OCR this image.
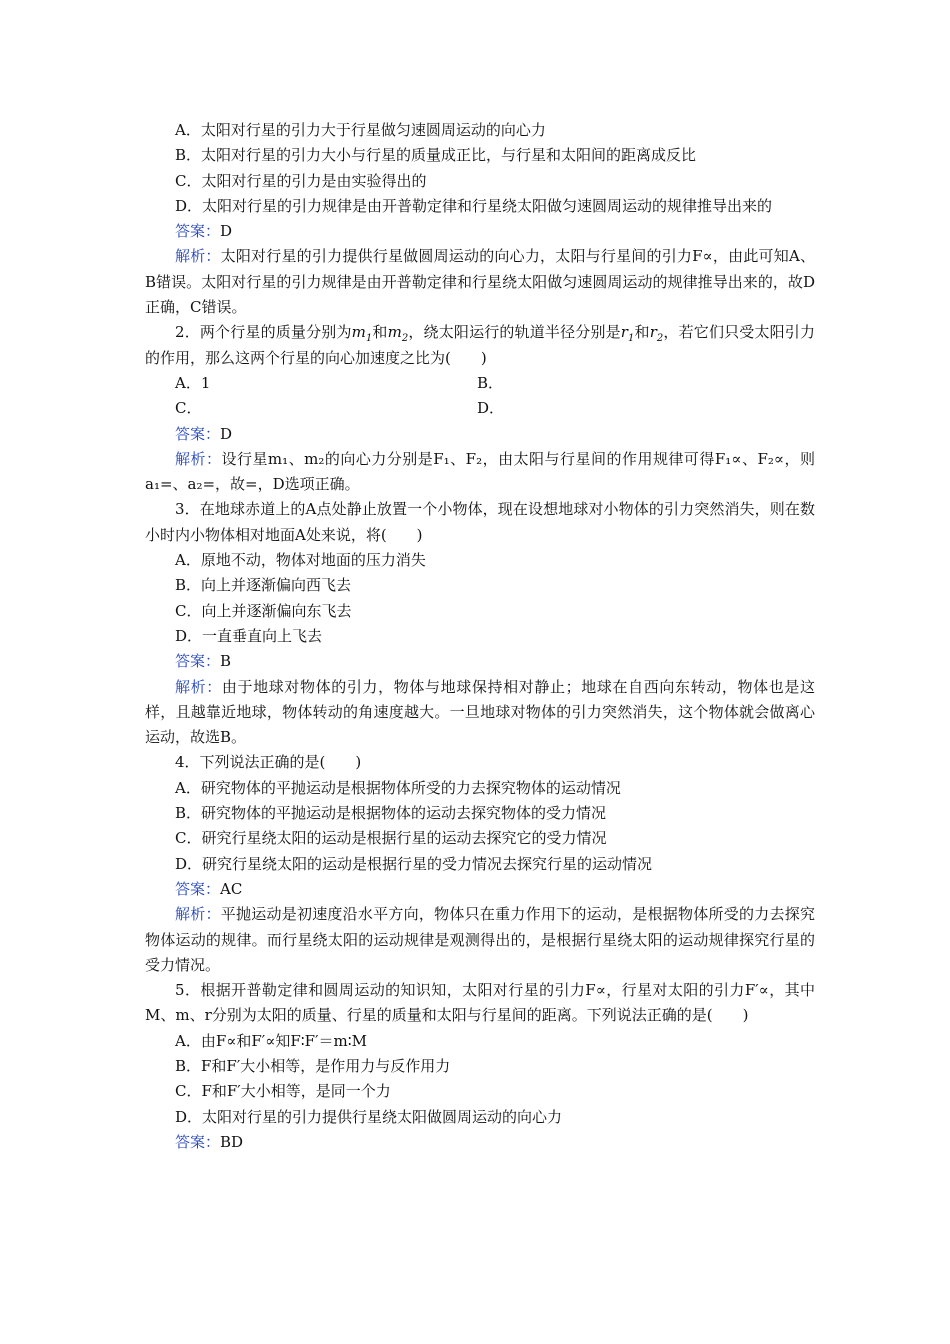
A．太阳对行星的引力大于行星做匀速圆周运动的向心力

B．太阳对行星的引力大小与行星的质量成正比，与行星和太阳间的距离成反比

C．太阳对行星的引力是由实验得出的

D．太阳对行星的引力规律是由开普勒定律和行星绕太阳做匀速圆周运动的规律推导出来的

答案：D

解析：太阳对行星的引力提供行星做圆周运动的向心力，太阳与行星间的引力F∝，由此可知A、B错误。太阳对行星的引力规律是由开普勒定律和行星绕太阳做匀速圆周运动的规律推导出来的，故D正确，C错误。

2．两个行星的质量分别为$m_1$和$m_2$，绕太阳运行的轨道半径分别是$r_1$和$r_2$，若它们只受太阳引力的作用，那么这两个行星的向心加速度之比为(　　)

A．1	B．
C．	D．

答案：D

解析：设行星m₁、m₂的向心力分别是F₁、F₂，由太阳与行星间的作用规律可得F₁∝、F₂∝，则a₁=、a₂=，故=，D选项正确。

3．在地球赤道上的A点处静止放置一个小物体，现在设想地球对小物体的引力突然消失，则在数小时内小物体相对地面A处来说，将(　　)

A．原地不动，物体对地面的压力消失

B．向上并逐渐偏向西飞去

C．向上并逐渐偏向东飞去

D．一直垂直向上飞去

答案：B

解析：由于地球对物体的引力，物体与地球保持相对静止；地球在自西向东转动，物体也是这样，且越靠近地球，物体转动的角速度越大。一旦地球对物体的引力突然消失，这个物体就会做离心运动，故选B。

4．下列说法正确的是(　　)

A．研究物体的平抛运动是根据物体所受的力去探究物体的运动情况

B．研究物体的平抛运动是根据物体的运动去探究物体的受力情况

C．研究行星绕太阳的运动是根据行星的运动去探究它的受力情况

D．研究行星绕太阳的运动是根据行星的受力情况去探究行星的运动情况

答案：AC

解析：平抛运动是初速度沿水平方向，物体只在重力作用下的运动，是根据物体所受的力去探究物体运动的规律。而行星绕太阳的运动规律是观测得出的，是根据行星绕太阳的运动规律探究行星的受力情况。

5．根据开普勒定律和圆周运动的知识知，太阳对行星的引力F∝，行星对太阳的引力F′∝，其中M、m、r分别为太阳的质量、行星的质量和太阳与行星间的距离。下列说法正确的是(　　)

A．由F∝和F′∝知F∶F′＝m∶M

B．F和F′大小相等，是作用力与反作用力

C．F和F′大小相等，是同一个力

D．太阳对行星的引力提供行星绕太阳做圆周运动的向心力

答案：BD
